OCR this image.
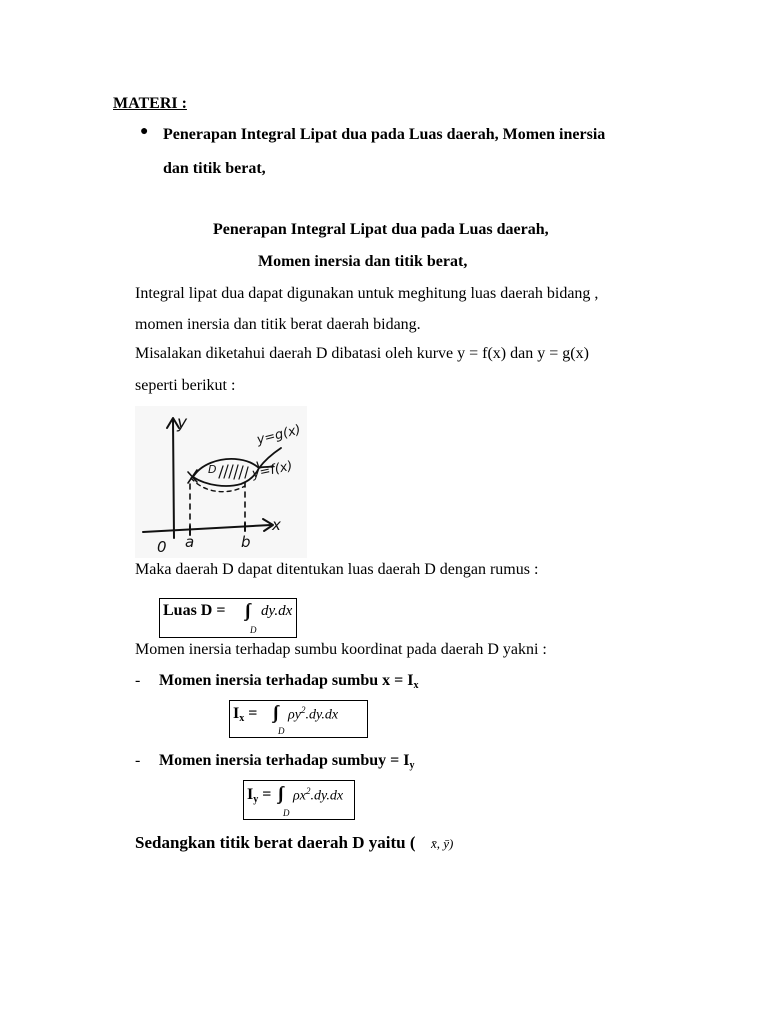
MATERI :
● Penerapan Integral Lipat dua pada Luas daerah, Momen inersia
dan titik berat,
Penerapan Integral Lipat dua pada Luas daerah,
Momen inersia dan titik berat,
Integral lipat dua dapat digunakan untuk meghitung luas daerah bidang ,
momen inersia dan titik berat daerah bidang.
Misalakan diketahui daerah D dibatasi oleh kurve y = f(x) dan y = g(x)
seperti berikut :
y
x
0 a	b
D
y=g(x)
y=f(x)
Maka daerah D dapat ditentukan luas daerah D dengan rumus :
Luas D = dy.dx
D
Momen inersia terhadap sumbu koordinat pada daerah D yakni :
- Momen inersia terhadap sumbu $x = I_x$
$I_x = \rho y^2.dy.dx$
D
- Momen inersia terhadap sumbuy = $I_y$
$I_y = \rho x^2.dy.dx$
D
Sedangkan titik berat daerah D yaitu ( x̄, ȳ)
